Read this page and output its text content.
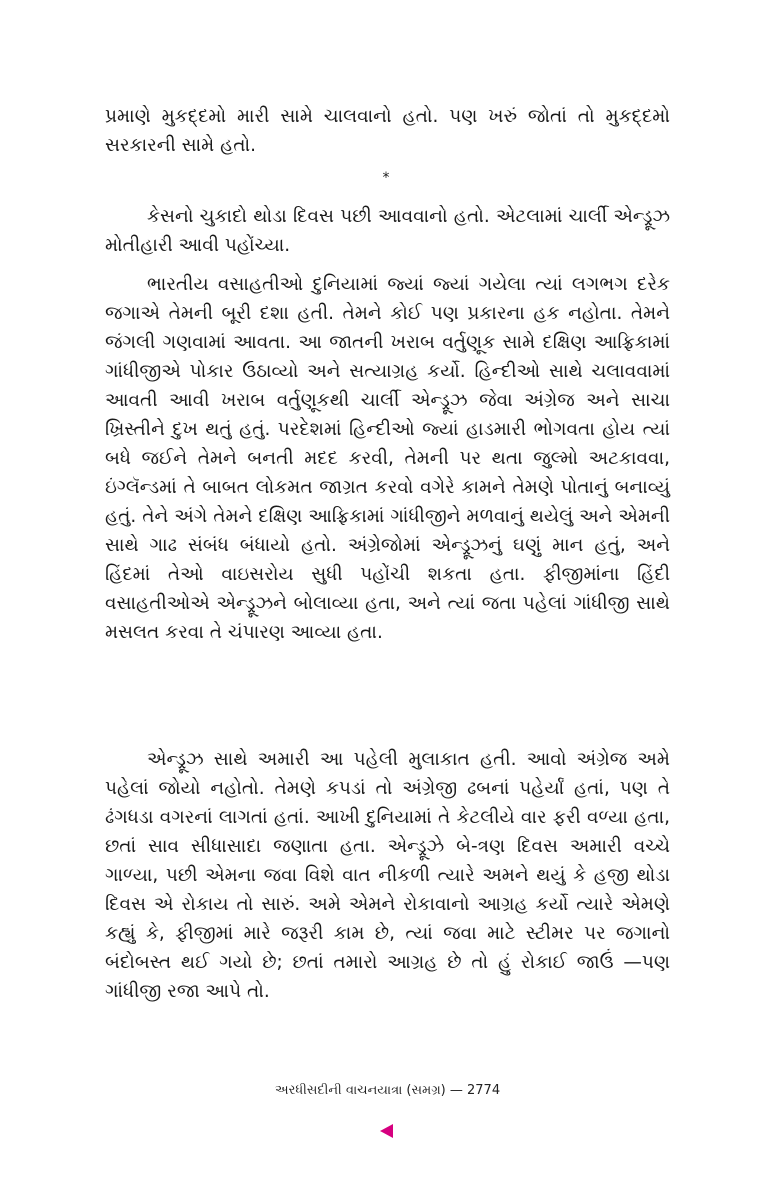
પ્રમાણે મુકદ્દમો મારી સામે ચાલવાનો હતો. પણ ખરું જોતાં તો મુકદ્દમો સરકારની સામે હતો.
*
કેસનો ચુકાદો થોડા દિવસ પછી આવવાનો હતો. એટલામાં ચાર્લી એન્ડ્રૂઝ મોતીહારી આવી પહોંચ્યા.
ભારતીય વસાહતીઓ દુનિયામાં જ્યાં જ્યાં ગયેલા ત્યાં લગભગ દરેક જગાએ તેમની બૂરી દશા હતી. તેમને કોઈ પણ પ્રકારના હક નહોતા. તેમને જંગલી ગણવામાં આવતા. આ જાતની ખરાબ વર્તુણૂક સામે દક્ષિણ આફ્રિકામાં ગાંધીજીએ પોકાર ઉઠાવ્યો અને સત્યાગ્રહ કર્યો. હિન્દીઓ સાથે ચલાવવામાં આવતી આવી ખરાબ વર્તુણૂકથી ચાર્લી એન્ડ્રૂઝ જેવા અંગ્રેજ અને સાચા ખ્રિસ્તીને દુખ થતું હતું. પરદેશમાં હિન્દીઓ જ્યાં હાડમારી ભોગવતા હોય ત્યાં બધે જઈને તેમને બનતી મદદ કરવી, તેમની પર થતા જુલ્મો અટકાવવા, ઇંગ્લૅન્ડમાં તે બાબત લોકમત જાગ્રત કરવો વગેરે કામને તેમણે પોતાનું બનાવ્યું હતું. તેને અંગે તેમને દક્ષિણ આફ્રિકામાં ગાંધીજીને મળવાનું થયેલું અને એમની સાથે ગાઢ સંબંધ બંધાયો હતો. અંગ્રેજોમાં એન્ડ્રૂઝનું ઘણું માન હતું, અને હિંદમાં તેઓ વાઇસરોય સુધી પહોંચી શકતા હતા. ફીજીમાંના હિંદી વસાહતીઓએ એન્ડ્રૂઝને બોલાવ્યા હતા, અને ત્યાં જતા પહેલાં ગાંધીજી સાથે મસલત કરવા તે ચંપારણ આવ્યા હતા.
એન્ડ્રૂઝ સાથે અમારી આ પહેલી મુલાકાત હતી. આવો અંગ્રેજ અમે પહેલાં જોયો નહોતો. તેમણે કપડાં તો અંગ્રેજી ઢબનાં પહેર્યાં હતાં, પણ તે ઢંગધડા વગરનાં લાગતાં હતાં. આખી દુનિયામાં તે કેટલીયે વાર ફરી વળ્યા હતા, છતાં સાવ સીધાસાદા જણાતા હતા. એન્ડ્રૂઝે બે-ત્રણ દિવસ અમારી વચ્ચે ગાળ્યા, પછી એમના જવા વિશે વાત નીકળી ત્યારે અમને થયું કે હજી થોડા દિવસ એ રોકાય તો સારું. અમે એમને રોકાવાનો આગ્રહ કર્યો ત્યારે એમણે કહ્યું કે, ફીજીમાં મારે જરૂરી કામ છે, ત્યાં જવા માટે સ્ટીમર પર જગાનો બંદોબસ્ત થઈ ગયો છે; છતાં તમારો આગ્રહ છે તો હું રોકાઈ જાઉં —પણ ગાંધીજી રજા આપે તો.
અરધીસદીની વાચનયાત્રા (સમગ્ર) — 2774
